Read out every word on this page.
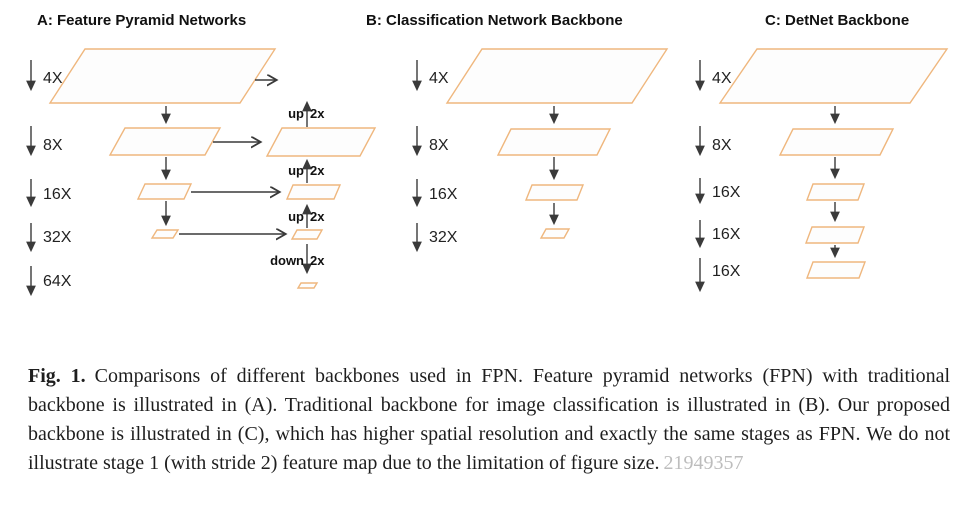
A: Feature Pyramid Networks
4X
8X
16X
32X
64X
up 2x
up 2x
up 2x
down 2x
B: Classification Network Backbone
4X
8X
16X
32X
C: DetNet Backbone
4X
8X
16X
16X
16X
Fig. 1. Comparisons of different backbones used in FPN. Feature pyramid networks (FPN) with traditional backbone is illustrated in (A). Traditional backbone for image classification is illustrated in (B). Our proposed backbone is illustrated in (C), which has higher spatial resolution and exactly the same stages as FPN. We do not illustrate stage 1 (with stride 2) feature map due to the limitation of figure size. 21949357
